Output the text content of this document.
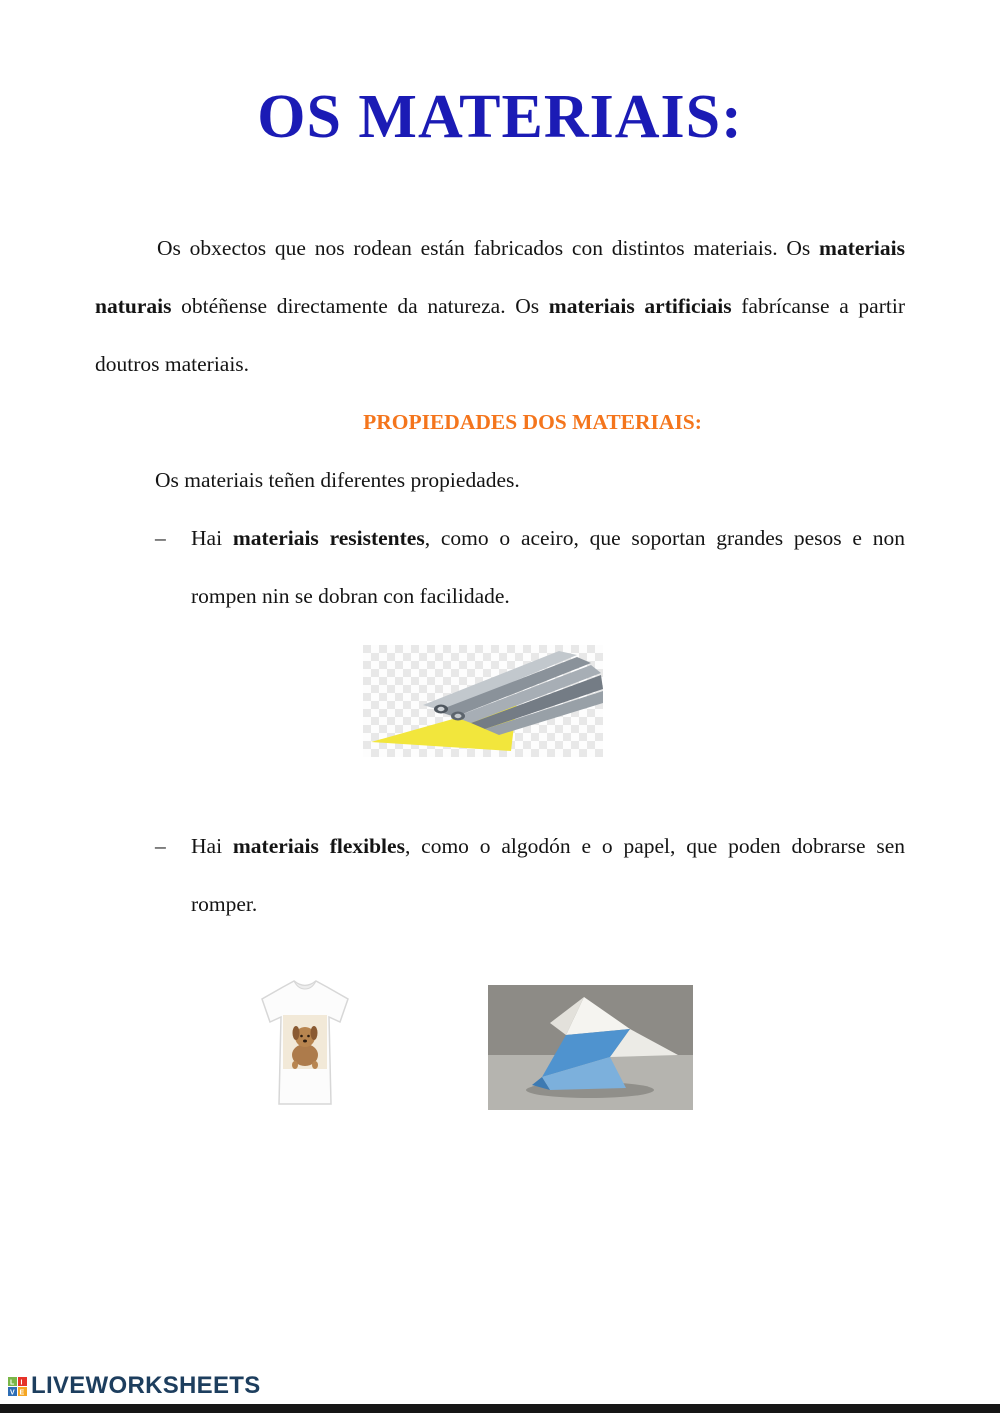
OS MATERIAIS:

Os obxectos que nos rodean están fabricados con distintos materiais. Os materiais naturais obtéñense directamente da natureza. Os materiais artificiais fabrícanse a partir doutros materiais.

PROPIEDADES DOS MATERIAIS:

Os materiais teñen diferentes propiedades.

– Hai materiais resistentes, como o aceiro, que soportan grandes pesos e non rompen nin se dobran con facilidade.
– Hai materiais flexibles, como o algodón e o papel, que poden dobrarse sen romper.
L I
V E LIVEWORKSHEETS
